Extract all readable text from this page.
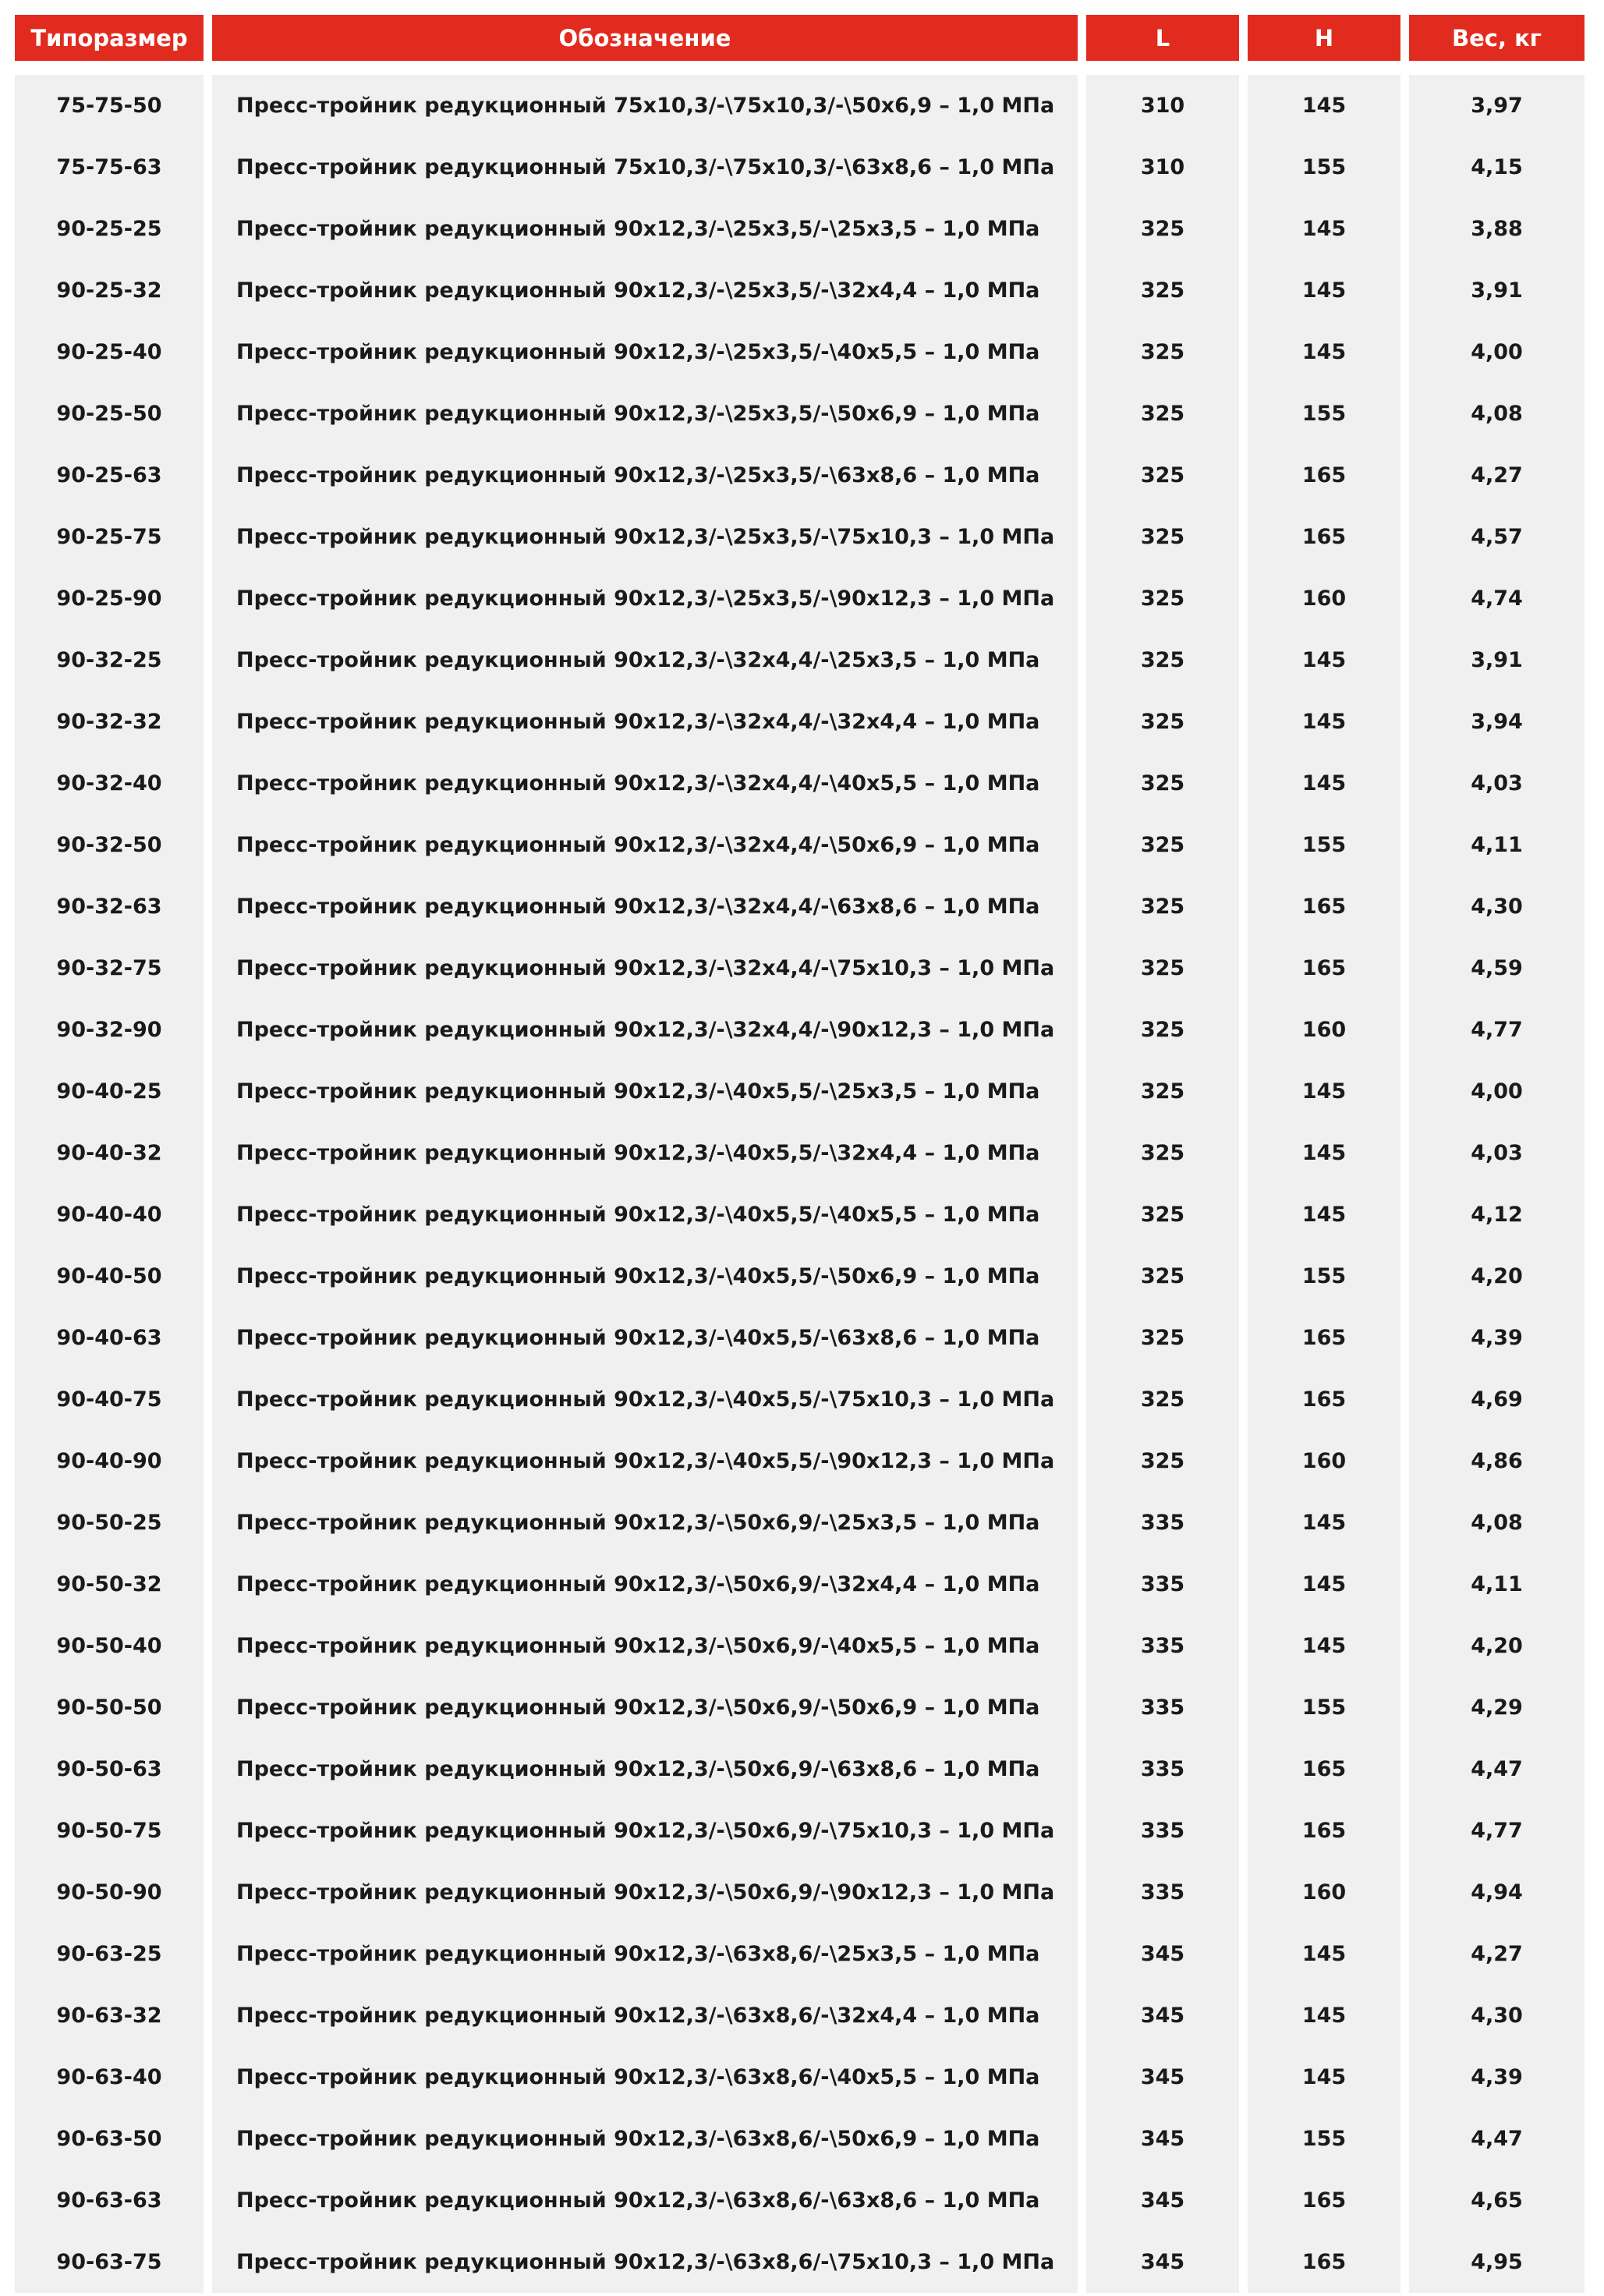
Типоразмер	Обозначение	L	H	Вес, кг
75-75-50	Пресс-тройник редукционный 75x10,3/-\75x10,3/-\50x6,9 – 1,0 МПа	310	145	3,97
75-75-63	Пресс-тройник редукционный 75x10,3/-\75x10,3/-\63x8,6 – 1,0 МПа	310	155	4,15
90-25-25	Пресс-тройник редукционный 90x12,3/-\25x3,5/-\25x3,5 – 1,0 МПа	325	145	3,88
90-25-32	Пресс-тройник редукционный 90x12,3/-\25x3,5/-\32x4,4 – 1,0 МПа	325	145	3,91
90-25-40	Пресс-тройник редукционный 90x12,3/-\25x3,5/-\40x5,5 – 1,0 МПа	325	145	4,00
90-25-50	Пресс-тройник редукционный 90x12,3/-\25x3,5/-\50x6,9 – 1,0 МПа	325	155	4,08
90-25-63	Пресс-тройник редукционный 90x12,3/-\25x3,5/-\63x8,6 – 1,0 МПа	325	165	4,27
90-25-75	Пресс-тройник редукционный 90x12,3/-\25x3,5/-\75x10,3 – 1,0 МПа	325	165	4,57
90-25-90	Пресс-тройник редукционный 90x12,3/-\25x3,5/-\90x12,3 – 1,0 МПа	325	160	4,74
90-32-25	Пресс-тройник редукционный 90x12,3/-\32x4,4/-\25x3,5 – 1,0 МПа	325	145	3,91
90-32-32	Пресс-тройник редукционный 90x12,3/-\32x4,4/-\32x4,4 – 1,0 МПа	325	145	3,94
90-32-40	Пресс-тройник редукционный 90x12,3/-\32x4,4/-\40x5,5 – 1,0 МПа	325	145	4,03
90-32-50	Пресс-тройник редукционный 90x12,3/-\32x4,4/-\50x6,9 – 1,0 МПа	325	155	4,11
90-32-63	Пресс-тройник редукционный 90x12,3/-\32x4,4/-\63x8,6 – 1,0 МПа	325	165	4,30
90-32-75	Пресс-тройник редукционный 90x12,3/-\32x4,4/-\75x10,3 – 1,0 МПа	325	165	4,59
90-32-90	Пресс-тройник редукционный 90x12,3/-\32x4,4/-\90x12,3 – 1,0 МПа	325	160	4,77
90-40-25	Пресс-тройник редукционный 90x12,3/-\40x5,5/-\25x3,5 – 1,0 МПа	325	145	4,00
90-40-32	Пресс-тройник редукционный 90x12,3/-\40x5,5/-\32x4,4 – 1,0 МПа	325	145	4,03
90-40-40	Пресс-тройник редукционный 90x12,3/-\40x5,5/-\40x5,5 – 1,0 МПа	325	145	4,12
90-40-50	Пресс-тройник редукционный 90x12,3/-\40x5,5/-\50x6,9 – 1,0 МПа	325	155	4,20
90-40-63	Пресс-тройник редукционный 90x12,3/-\40x5,5/-\63x8,6 – 1,0 МПа	325	165	4,39
90-40-75	Пресс-тройник редукционный 90x12,3/-\40x5,5/-\75x10,3 – 1,0 МПа	325	165	4,69
90-40-90	Пресс-тройник редукционный 90x12,3/-\40x5,5/-\90x12,3 – 1,0 МПа	325	160	4,86
90-50-25	Пресс-тройник редукционный 90x12,3/-\50x6,9/-\25x3,5 – 1,0 МПа	335	145	4,08
90-50-32	Пресс-тройник редукционный 90x12,3/-\50x6,9/-\32x4,4 – 1,0 МПа	335	145	4,11
90-50-40	Пресс-тройник редукционный 90x12,3/-\50x6,9/-\40x5,5 – 1,0 МПа	335	145	4,20
90-50-50	Пресс-тройник редукционный 90x12,3/-\50x6,9/-\50x6,9 – 1,0 МПа	335	155	4,29
90-50-63	Пресс-тройник редукционный 90x12,3/-\50x6,9/-\63x8,6 – 1,0 МПа	335	165	4,47
90-50-75	Пресс-тройник редукционный 90x12,3/-\50x6,9/-\75x10,3 – 1,0 МПа	335	165	4,77
90-50-90	Пресс-тройник редукционный 90x12,3/-\50x6,9/-\90x12,3 – 1,0 МПа	335	160	4,94
90-63-25	Пресс-тройник редукционный 90x12,3/-\63x8,6/-\25x3,5 – 1,0 МПа	345	145	4,27
90-63-32	Пресс-тройник редукционный 90x12,3/-\63x8,6/-\32x4,4 – 1,0 МПа	345	145	4,30
90-63-40	Пресс-тройник редукционный 90x12,3/-\63x8,6/-\40x5,5 – 1,0 МПа	345	145	4,39
90-63-50	Пресс-тройник редукционный 90x12,3/-\63x8,6/-\50x6,9 – 1,0 МПа	345	155	4,47
90-63-63	Пресс-тройник редукционный 90x12,3/-\63x8,6/-\63x8,6 – 1,0 МПа	345	165	4,65
90-63-75	Пресс-тройник редукционный 90x12,3/-\63x8,6/-\75x10,3 – 1,0 МПа	345	165	4,95
